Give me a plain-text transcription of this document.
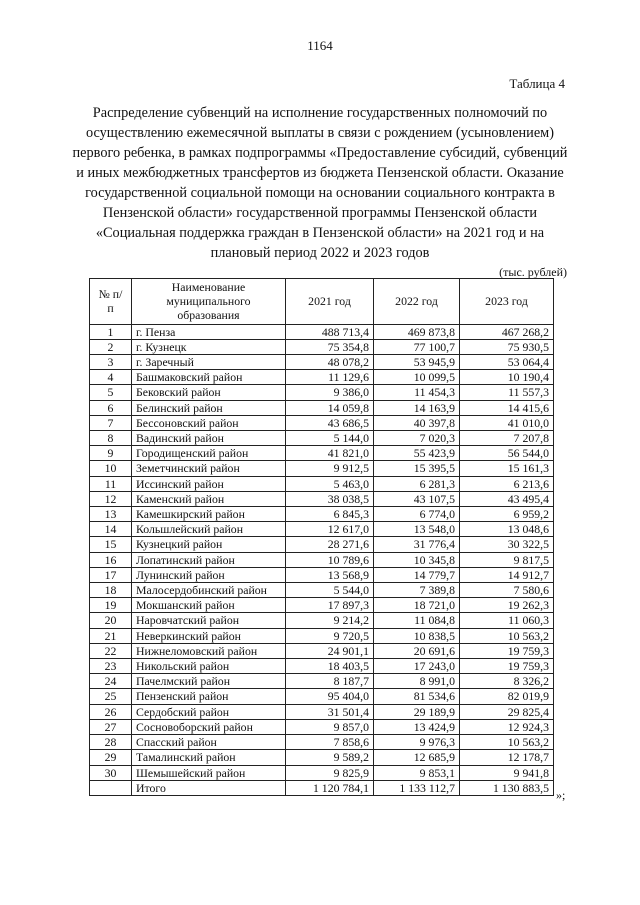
1164
Таблица 4
Распределение субвенций на исполнение государственных полномочий по осуществлению ежемесячной выплаты в связи с рождением (усыновлением) первого ребенка, в рамках подпрограммы «Предоставление субсидий, субвенций и иных межбюджетных трансфертов из бюджета Пензенской области. Оказание государственной социальной помощи на основании социального контракта в Пензенской области» государственной программы Пензенской области «Социальная поддержка граждан в Пензенской области» на 2021 год и на плановый период 2022 и 2023 годов
(тыс. рублей)
№ п/п	Наименование муниципального образования	2021 год	2022 год	2023 год
1	г. Пенза	488 713,4	469 873,8	467 268,2
2	г. Кузнецк	75 354,8	77 100,7	75 930,5
3	г. Заречный	48 078,2	53 945,9	53 064,4
4	Башмаковский район	11 129,6	10 099,5	10 190,4
5	Бековский район	9 386,0	11 454,3	11 557,3
6	Белинский район	14 059,8	14 163,9	14 415,6
7	Бессоновский район	43 686,5	40 397,8	41 010,0
8	Вадинский район	5 144,0	7 020,3	7 207,8
9	Городищенский район	41 821,0	55 423,9	56 544,0
10	Земетчинский район	9 912,5	15 395,5	15 161,3
11	Иссинский район	5 463,0	6 281,3	6 213,6
12	Каменский район	38 038,5	43 107,5	43 495,4
13	Камешкирский район	6 845,3	6 774,0	6 959,2
14	Кольшлейский район	12 617,0	13 548,0	13 048,6
15	Кузнецкий район	28 271,6	31 776,4	30 322,5
16	Лопатинский район	10 789,6	10 345,8	9 817,5
17	Лунинский район	13 568,9	14 779,7	14 912,7
18	Малосердобинский район	5 544,0	7 389,8	7 580,6
19	Мокшанский район	17 897,3	18 721,0	19 262,3
20	Наровчатский район	9 214,2	11 084,8	11 060,3
21	Неверкинский район	9 720,5	10 838,5	10 563,2
22	Нижнеломовский район	24 901,1	20 691,6	19 759,3
23	Никольский район	18 403,5	17 243,0	19 759,3
24	Пачелмский район	8 187,7	8 991,0	8 326,2
25	Пензенский район	95 404,0	81 534,6	82 019,9
26	Сердобский район	31 501,4	29 189,9	29 825,4
27	Сосновоборский район	9 857,0	13 424,9	12 924,3
28	Спасский район	7 858,6	9 976,3	10 563,2
29	Тамалинский район	9 589,2	12 685,9	12 178,7
30	Шемышейский район	9 825,9	9 853,1	9 941,8
	Итого	1 120 784,1	1 133 112,7	1 130 883,5
»;
